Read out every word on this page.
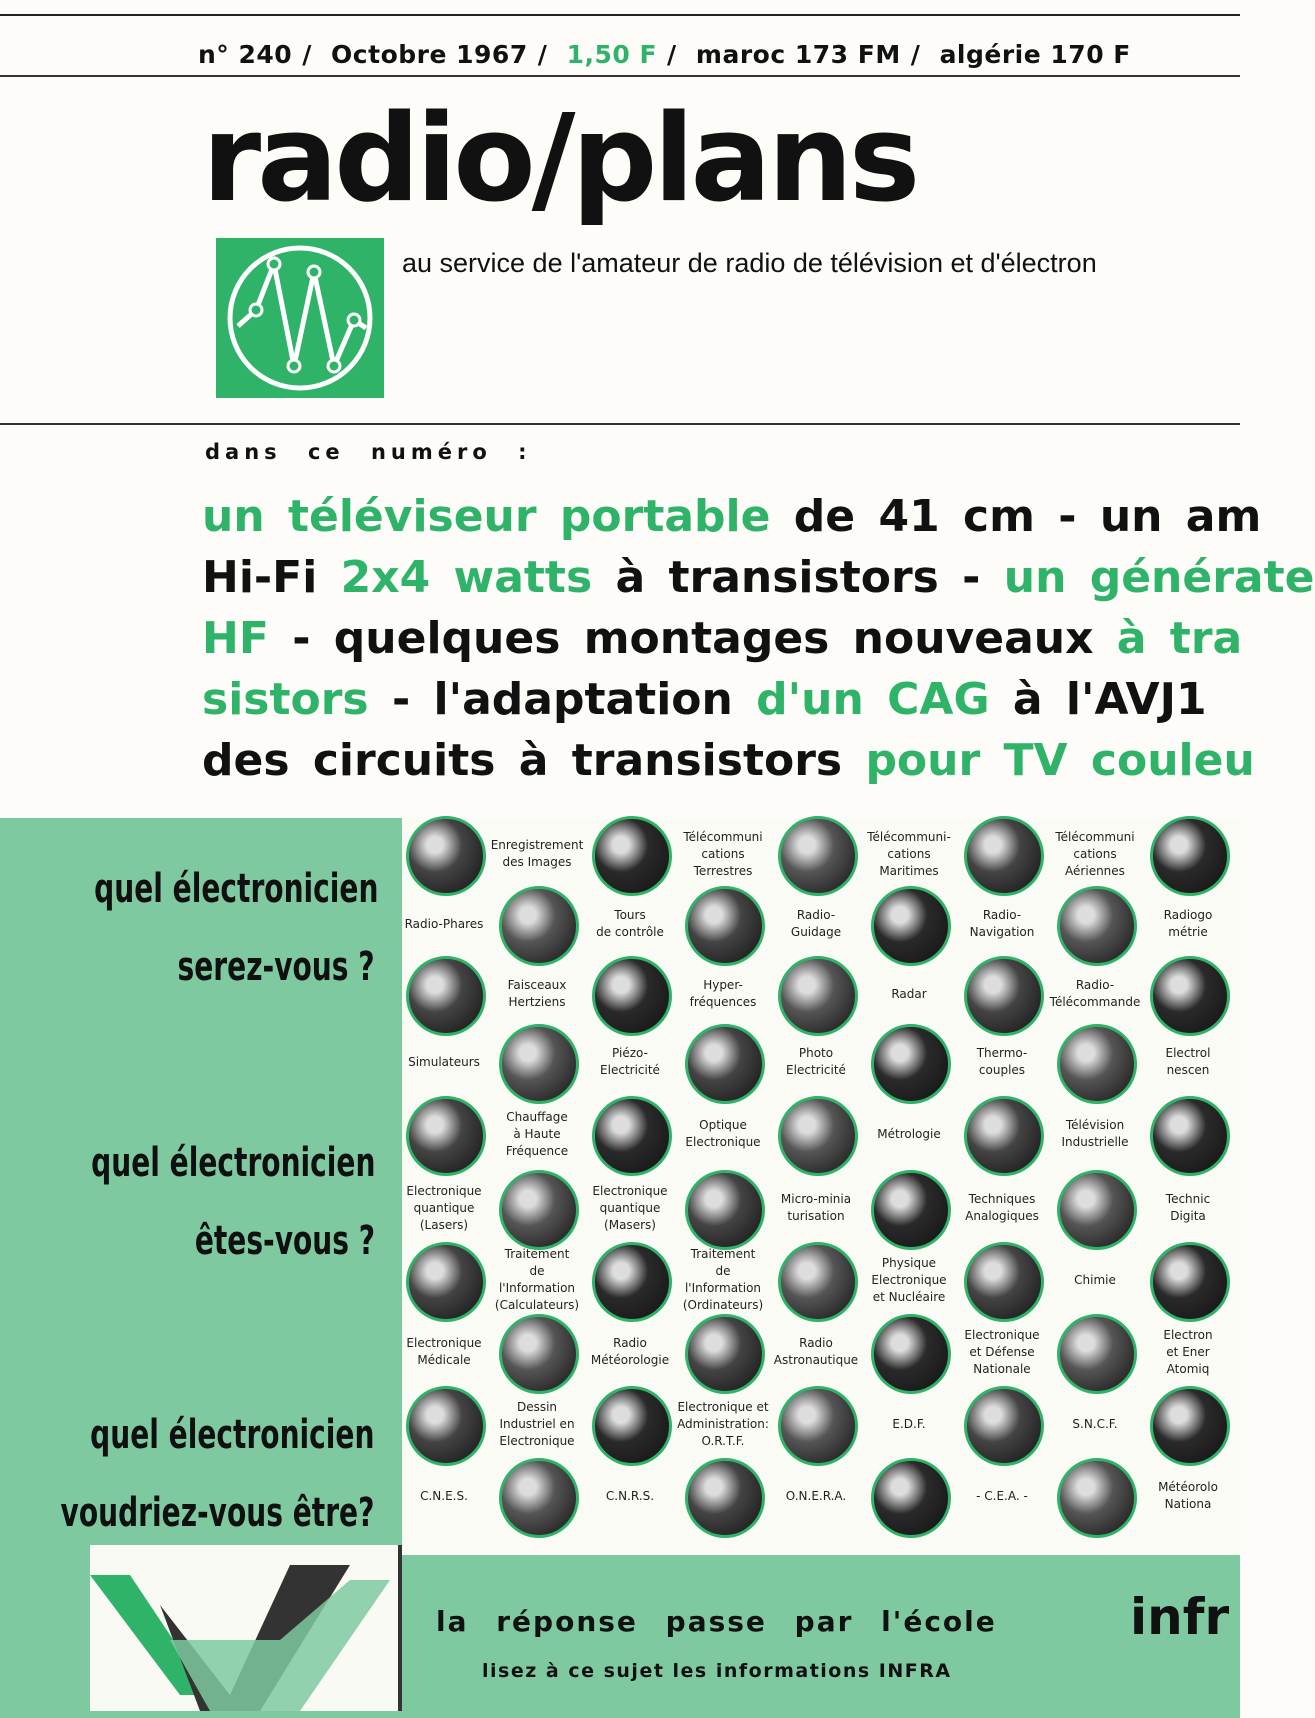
n° 240 / Octobre 1967 / 1,50 F / maroc 173 FM / algérie 170 F
radio/plans
au service de l'amateur de radio de télévision et d'électron
dans ce numéro :
un téléviseur portable de 41 cm - un am
Hi-Fi 2x4 watts à transistors - un générate
HF - quelques montages nouveaux à tra
sistors - l'adaptation d'un CAG à l'AVJ1
des circuits à transistors pour TV couleu
Enregistrement
des Images
Télécommuni
cations
Terrestres
Télécommuni-
cations
Maritimes
Télécommuni
cations
Aériennes
Radio-Phares
Tours
de contrôle
Radio-
Guidage
Radio-
Navigation
Radiogo
métrie
Faisceaux
Hertziens
Hyper-
fréquences
Radar
Radio-
Télécommande
Simulateurs
Piézo-
Electricité
Photo
Electricité
Thermo-
couples
Electrol
nescen
Chauffage
à Haute
Fréquence
Optique
Electronique
Métrologie
Télévision
Industrielle
Electronique
quantique
(Lasers)
Electronique
quantique
(Masers)
Micro-minia
turisation
Techniques
Analogiques
Technic
Digita
Traitement
de
l'Information
(Calculateurs)
Traitement
de
l'Information
(Ordinateurs)
Physique
Electronique
et Nucléaire
Chimie
Electronique
Médicale
Radio
Météorologie
Radio
Astronautique
Electronique
et Défense
Nationale
Electron
et Ener
Atomiq
Dessin
Industriel en
Electronique
Electronique et
Administration:
O.R.T.F.
E.D.F.	S.N.C.F.
C.N.E.S.	C.N.R.S.	O.N.E.R.A.	- C.E.A. -
Météorolo
Nationa
quel électronicien
serez-vous ?
quel électronicien
êtes-vous ?
quel électronicien
voudriez-vous être?
la réponse passe par l'école	infr
lisez à ce sujet les informations INFRA
